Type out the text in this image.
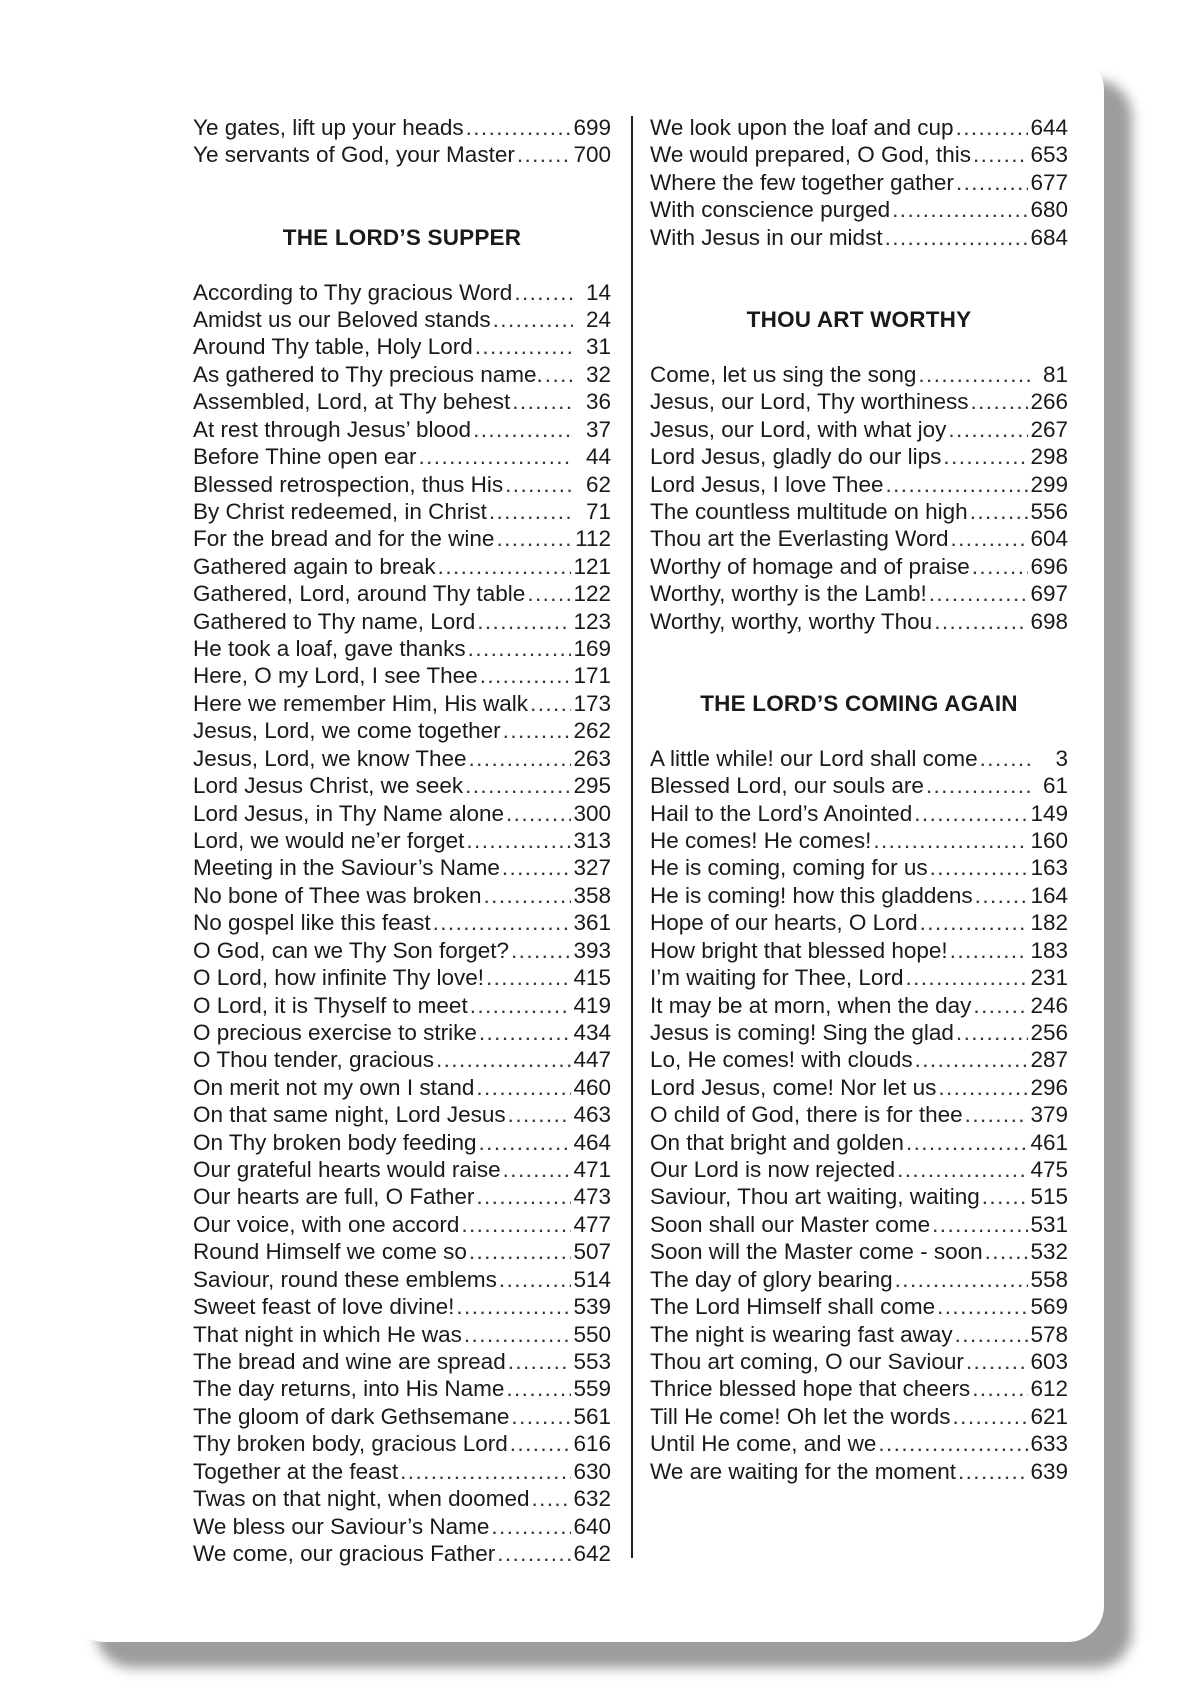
Ye gates, lift up your heads .....	699
Ye servants of God, your Master .....	700
THE LORD’S SUPPER
According to Thy gracious Word .....	14
Amidst us our Beloved stands .....	24
Around Thy table, Holy Lord .....	31
As gathered to Thy precious name. .....	32
Assembled, Lord, at Thy behest .....	36
At rest through Jesus’ blood .....	37
Before Thine open ear .....	44
Blessed retrospection, thus His .....	62
By Christ redeemed, in Christ .....	71
For the bread and for the wine .....	112
Gathered again to break .....	121
Gathered, Lord, around Thy table ..... 122
Gathered to Thy name, Lord .....	123
He took a loaf, gave thanks .....	169
Here, O my Lord, I see Thee .....	171
Here we remember Him, His walk ..... 173
Jesus, Lord, we come together .....	262
Jesus, Lord, we know Thee .....	263
Lord Jesus Christ, we seek .....	295
Lord Jesus, in Thy Name alone .....	300
Lord, we would ne’er forget .....	313
Meeting in the Saviour’s Name .....	327
No bone of Thee was broken .....	358
No gospel like this feast .....	361
O God, can we Thy Son forget? .....	393
O Lord, how infinite Thy love! .....	415
O Lord, it is Thyself to meet .....	419
O precious exercise to strike .....	434
O Thou tender, gracious .....	447
On merit not my own I stand .....	460
On that same night, Lord Jesus .....	463
On Thy broken body feeding .....	464
Our grateful hearts would raise .....	471
Our hearts are full, O Father .....	473
Our voice, with one accord .....	477
Round Himself we come so .....	507
Saviour, round these emblems .....	514
Sweet feast of love divine! .....	539
That night in which He was .....	550
The bread and wine are spread .....	553
The day returns, into His Name .....	559
The gloom of dark Gethsemane .....	561
Thy broken body, gracious Lord .....	616
Together at the feast .....	630
Twas on that night, when doomed ..... 632
We bless our Saviour’s Name .....	640
We come, our gracious Father .....	642
We look upon the loaf and cup .....	644
We would prepared, O God, this .....	653
Where the few together gather .....	677
With conscience purged .....	680
With Jesus in our midst .....	684
THOU ART WORTHY
Come, let us sing the song .....	81
Jesus, our Lord, Thy worthiness .....	266
Jesus, our Lord, with what joy .....	267
Lord Jesus, gladly do our lips .....	298
Lord Jesus, I love Thee .....	299
The countless multitude on high .....	556
Thou art the Everlasting Word .....	604
Worthy of homage and of praise .....	696
Worthy, worthy is the Lamb! .....	697
Worthy, worthy, worthy Thou .....	698
THE LORD’S COMING AGAIN
A little while! our Lord shall come .....	3
Blessed Lord, our souls are .....	61
Hail to the Lord’s Anointed .....	149
He comes! He comes! .....	160
He is coming, coming for us .....	163
He is coming! how this gladdens .....	164
Hope of our hearts, O Lord .....	182
How bright that blessed hope! .....	183
I’m waiting for Thee, Lord .....	231
It may be at morn, when the day .....	246
Jesus is coming! Sing the glad .....	256
Lo, He comes! with clouds .....	287
Lord Jesus, come! Nor let us .....	296
O child of God, there is for thee .....	379
On that bright and golden .....	461
Our Lord is now rejected .....	475
Saviour, Thou art waiting, waiting ..... 515
Soon shall our Master come .....	531
Soon will the Master come - soon ..... 532
The day of glory bearing .....	558
The Lord Himself shall come .....	569
The night is wearing fast away .....	578
Thou art coming, O our Saviour .....	603
Thrice blessed hope that cheers .....	612
Till He come! Oh let the words .....	621
Until He come, and we .....	633
We are waiting for the moment .....	639
